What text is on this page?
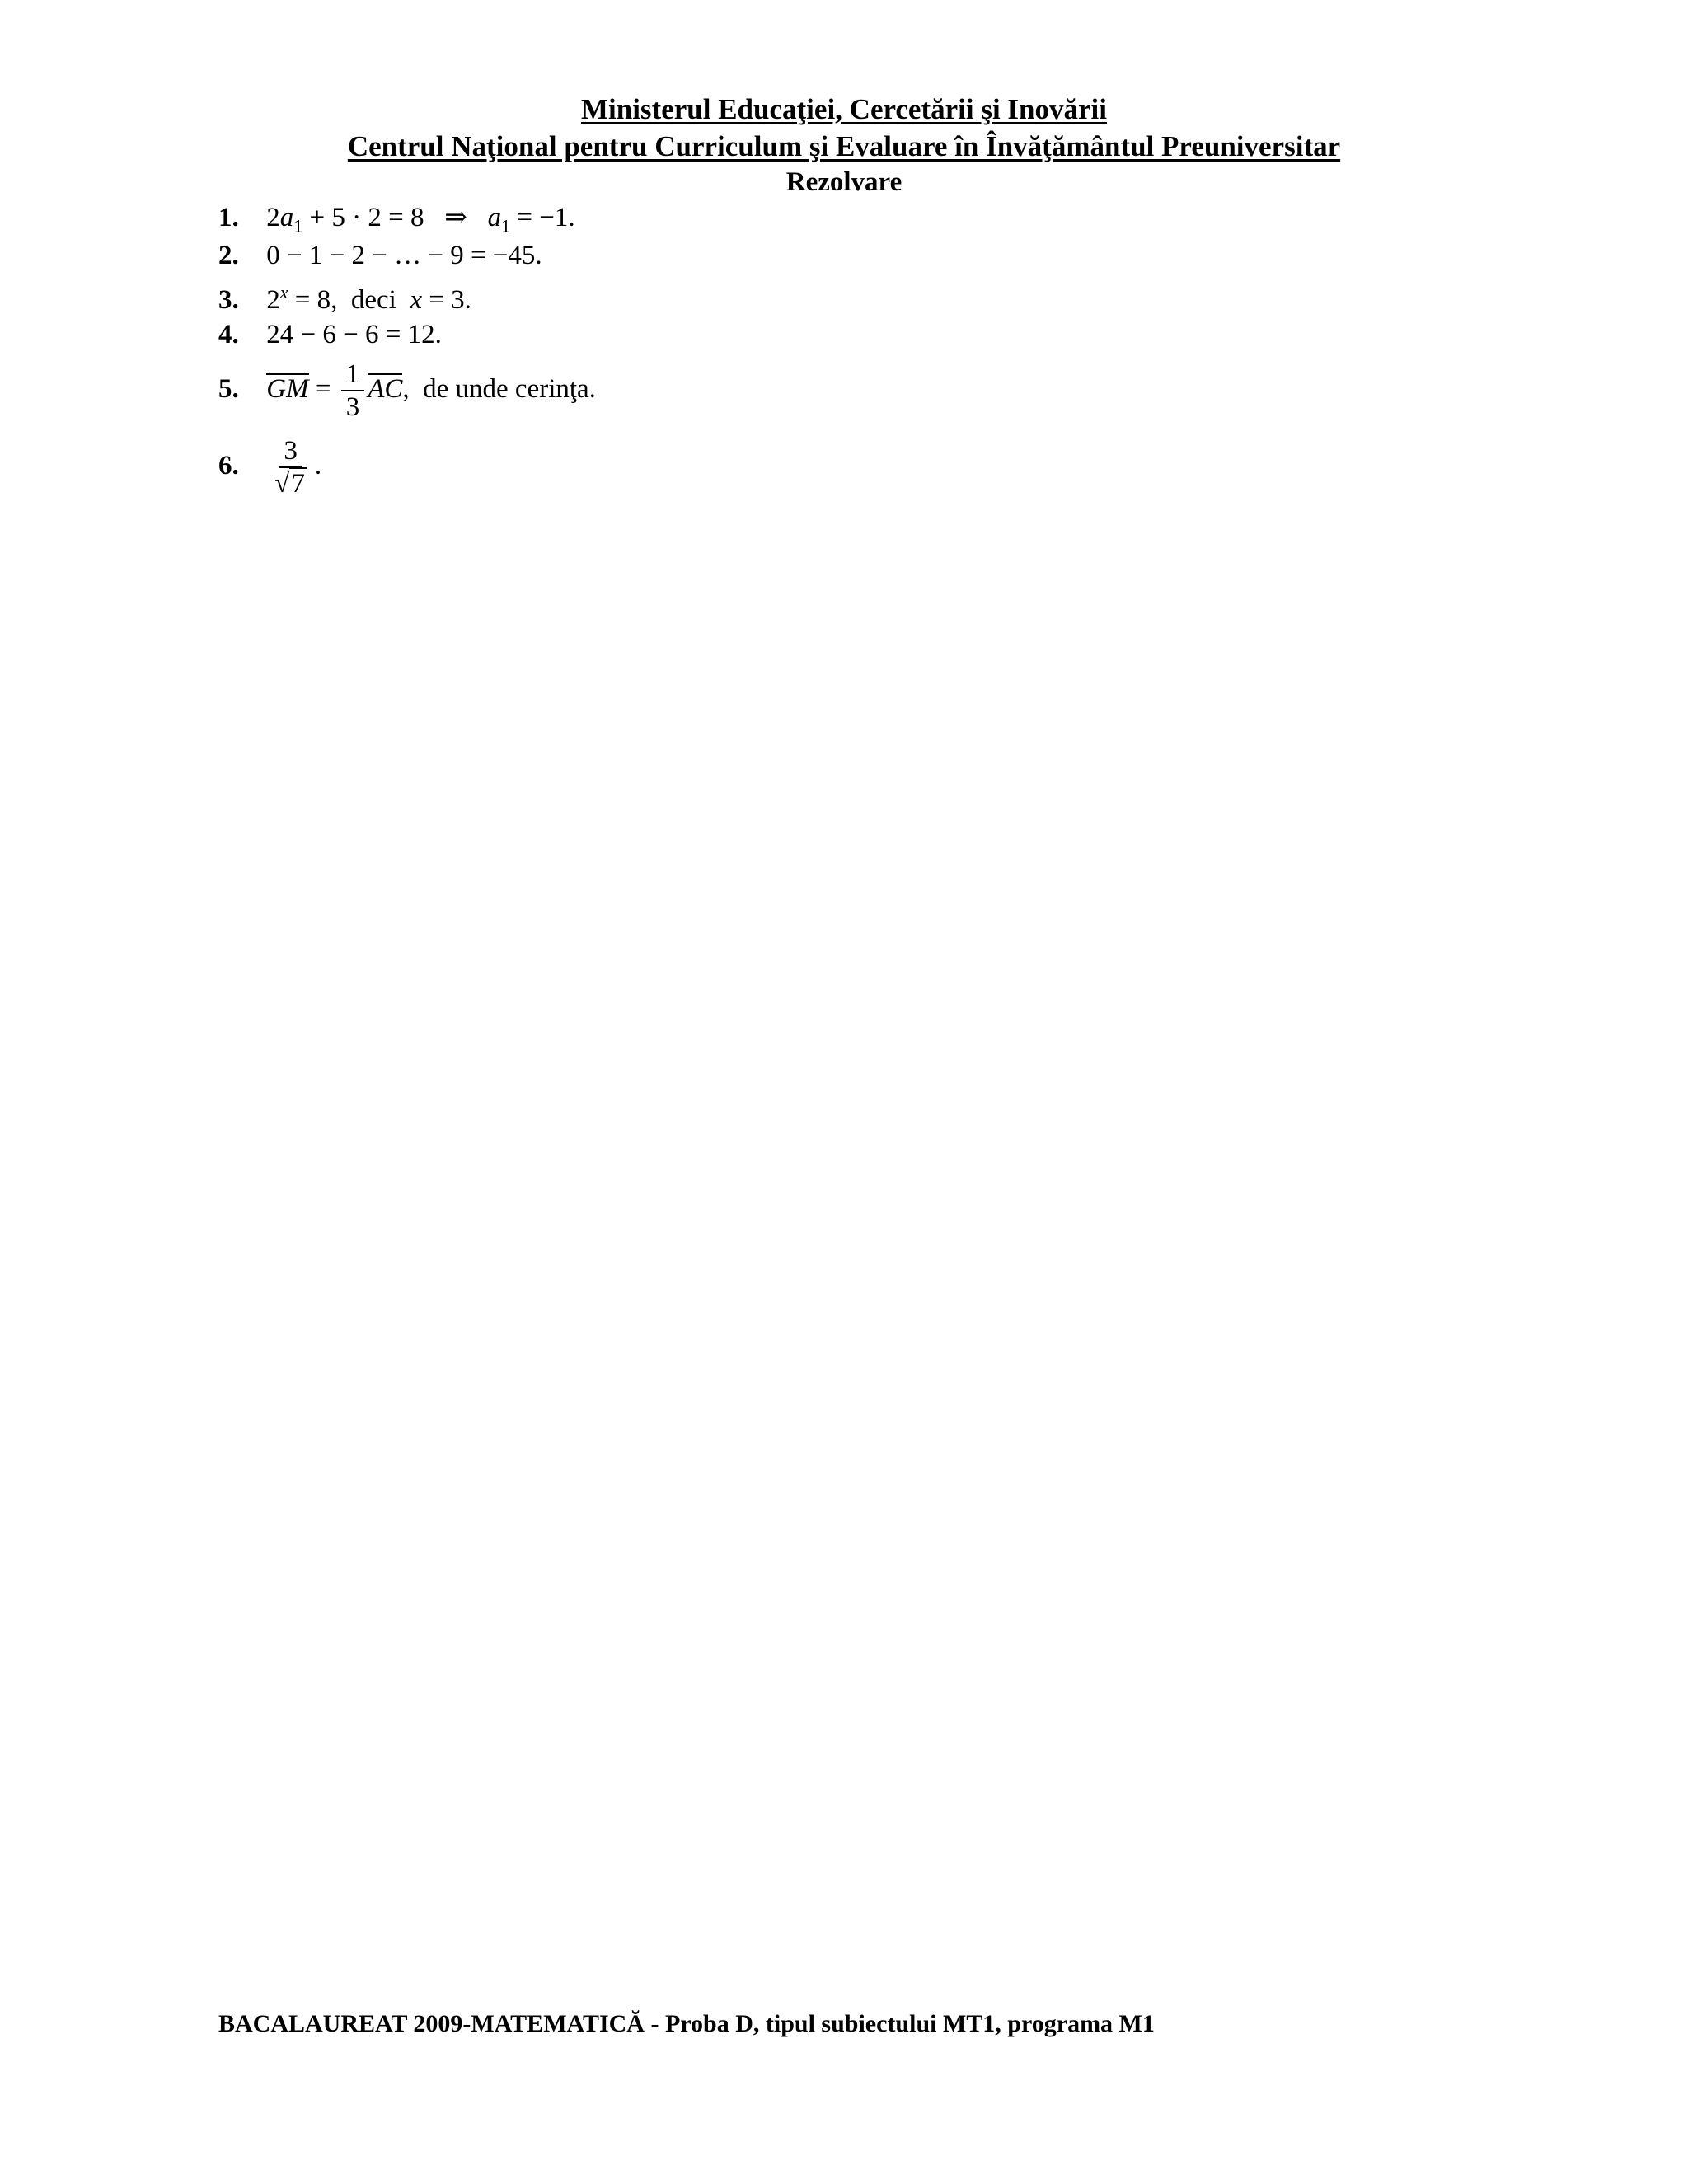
Ministerul Educaţiei, Cercetării şi Inovării
Centrul Naţional pentru Curriculum şi Evaluare în Învăţământul Preuniversitar
Rezolvare
1. $2a_1 + 5 \cdot 2 = 8$   ⇒   $a_1 = -1$.
2. 0 − 1 − 2 − … − 9 = −45.
3. $2^x = 8$,  deci  x = 3.
4. 24 − 6 − 6 = 12.
5. GM = $\frac{1}{3}$ AC,  de unde cerinţa.
6. $\frac{3}{√7}$ .
BACALAUREAT 2009-MATEMATICĂ - Proba D, tipul subiectului MT1, programa M1
